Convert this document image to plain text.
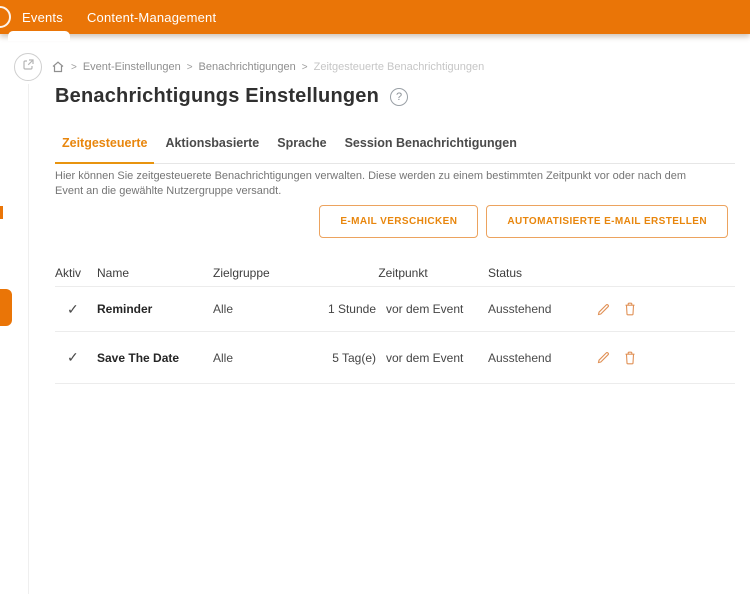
Events Content-Management
> Event-Einstellungen > Benachrichtigungen > Zeitgesteuerte Benachrichtigungen
Benachrichtigungs Einstellungen	?
Zeitgesteuerte	Aktionsbasierte	Sprache	Session Benachrichtigungen

Hier können Sie zeitgesteuerete Benachrichtigungen verwalten. Diese werden zu einem bestimmten Zeitpunkt vor oder nach dem Event an die gewählte Nutzergruppe versandt.

E-MAIL VERSCHICKEN	AUTOMATISIERTE E-MAIL ERSTELLEN
Aktiv	Name	Zielgruppe	Zeitpunkt	Status
✓	Reminder	Alle	1 Stunde vor dem Event	Ausstehend
✓	Save The Date	Alle	5 Tag(e) vor dem Event	Ausstehend
